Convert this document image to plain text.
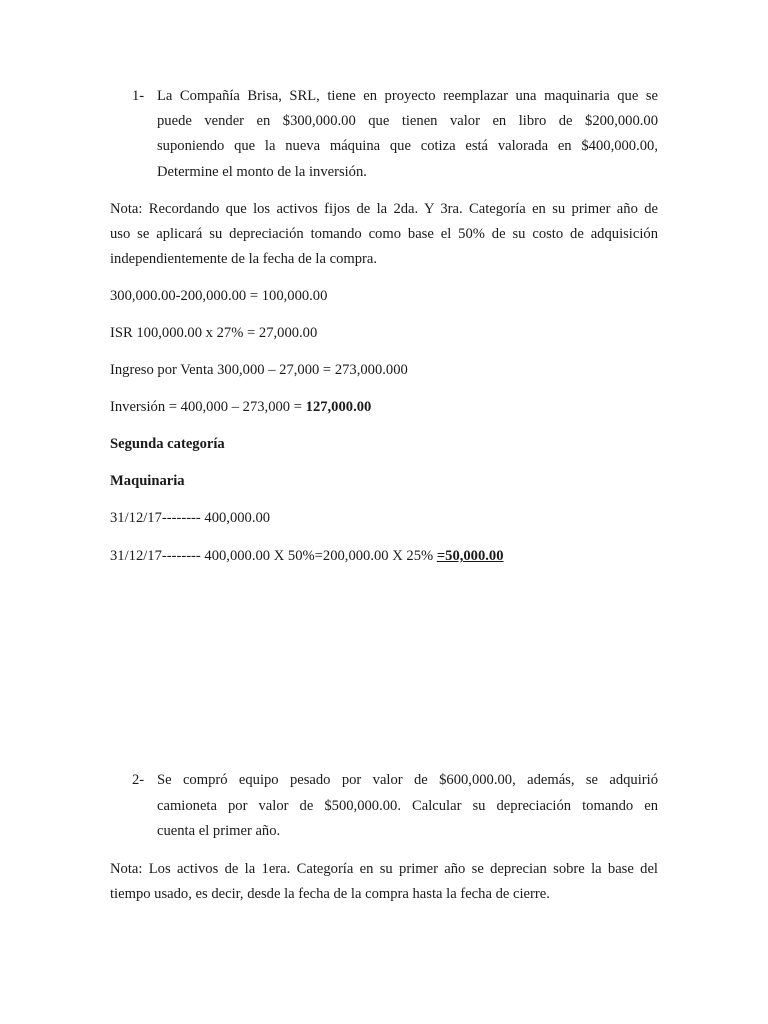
1- La Compañía Brisa, SRL, tiene en proyecto reemplazar una maquinaria que se
puede vender en $300,000.00 que tienen valor en libro de $200,000.00
suponiendo que la nueva máquina que cotiza está valorada en $400,000.00,
Determine el monto de la inversión.
Nota: Recordando que los activos fijos de la 2da. Y 3ra. Categoría en su primer año de
uso se aplicará su depreciación tomando como base el 50% de su costo de adquisición
independientemente de la fecha de la compra.
300,000.00-200,000.00 = 100,000.00
ISR 100,000.00 x 27% = 27,000.00
Ingreso por Venta 300,000 – 27,000 = 273,000.000
Inversión = 400,000 – 273,000 = 127,000.00
Segunda categoría
Maquinaria
31/12/17-------- 400,000.00
31/12/17-------- 400,000.00 X 50%=200,000.00 X 25% =50,000.00
2- Se compró equipo pesado por valor de $600,000.00, además, se adquirió
camioneta por valor de $500,000.00. Calcular su depreciación tomando en
cuenta el primer año.
Nota: Los activos de la 1era. Categoría en su primer año se deprecian sobre la base del
tiempo usado, es decir, desde la fecha de la compra hasta la fecha de cierre.
